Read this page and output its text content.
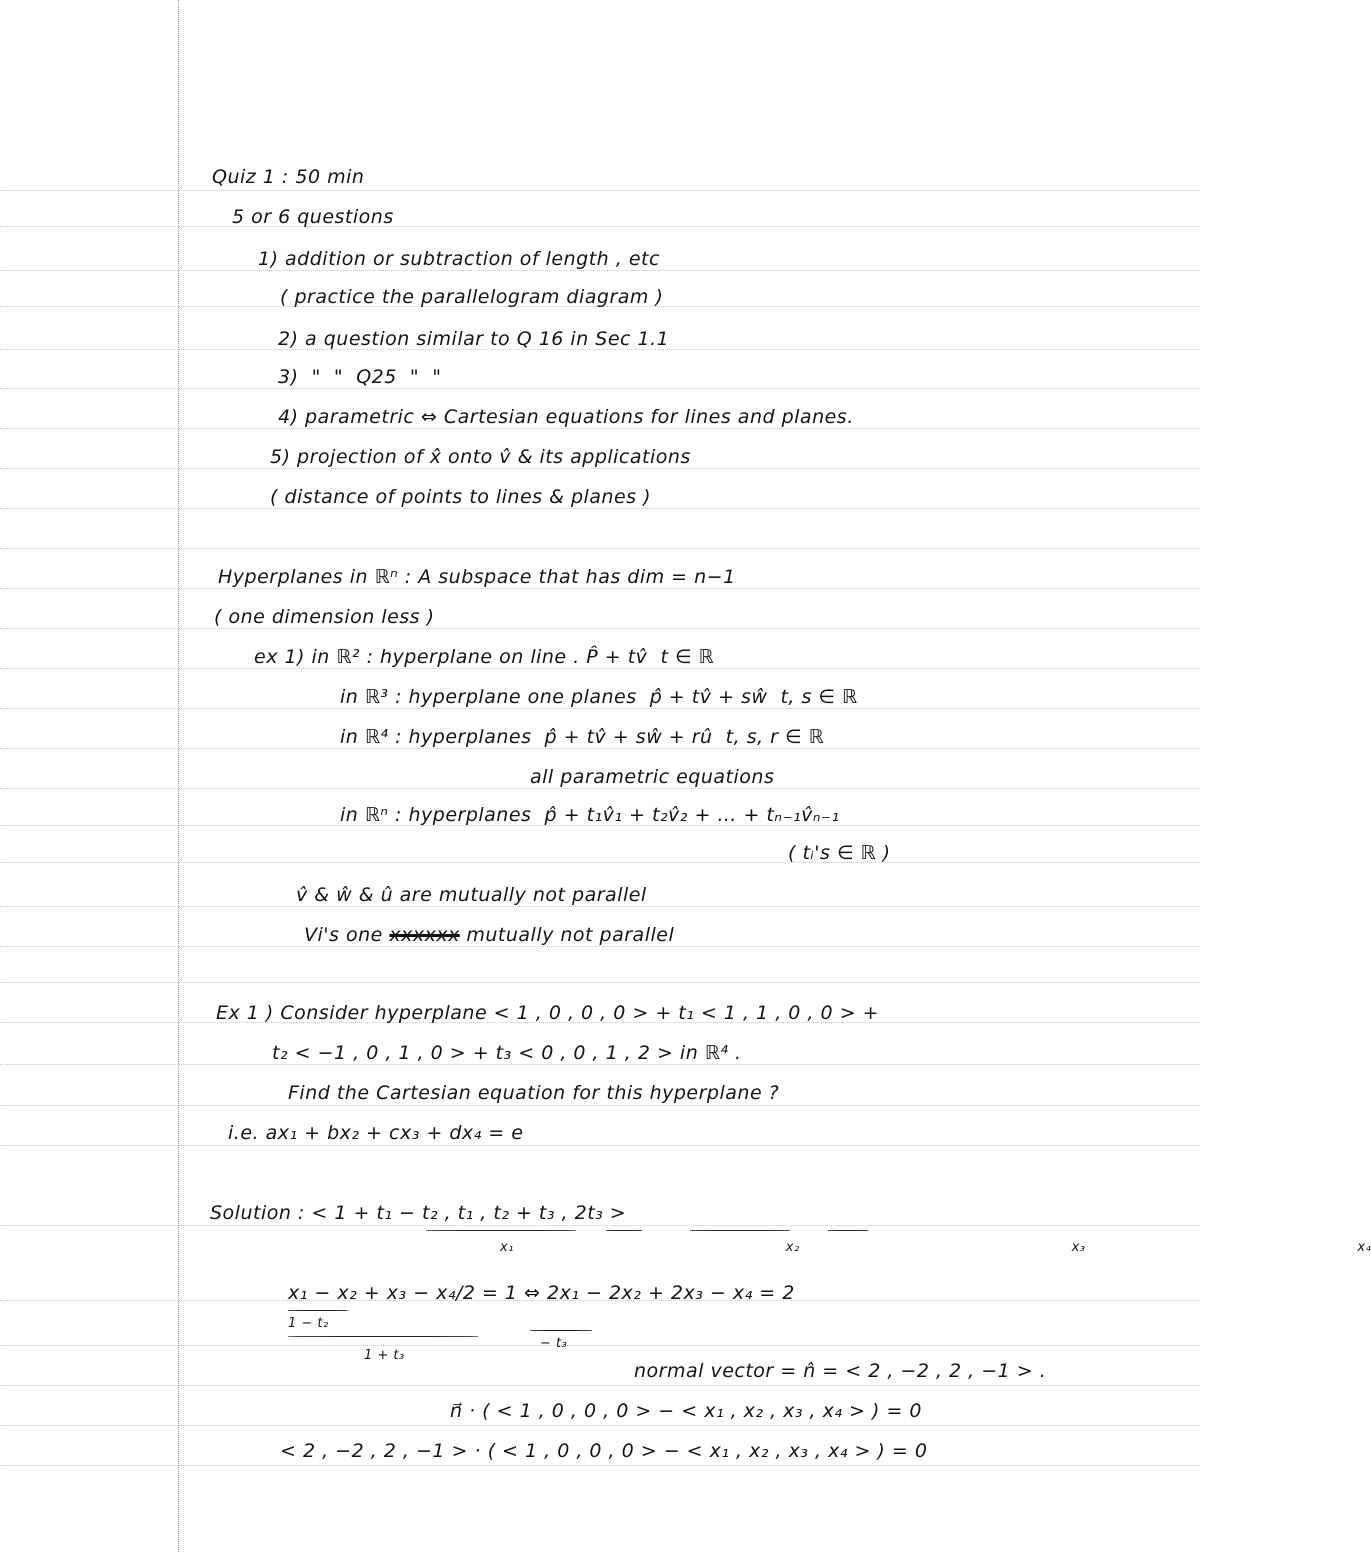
Quiz 1 : 50 min
5 or 6 questions
1) addition or subtraction of length , etc
( practice the parallelogram diagram )
2) a question similar to Q 16 in Sec 1.1
3)  "  "  Q25  "  "
4) parametric ⇔ Cartesian equations for lines and planes.
5) projection of x̂ onto v̂ & its applications
( distance of points to lines & planes )
Hyperplanes in ℝⁿ : A subspace that has dim = n−1
( one dimension less )
ex 1) in ℝ² : hyperplane on line . P̂ + tv̂  t ∈ ℝ
in ℝ³ : hyperplane one planes  p̂ + tv̂ + sŵ  t, s ∈ ℝ
in ℝ⁴ : hyperplanes  p̂ + tv̂ + sŵ + rû  t, s, r ∈ ℝ
all parametric equations
in ℝⁿ : hyperplanes  p̂ + t₁v̂₁ + t₂v̂₂ + … + tₙ₋₁v̂ₙ₋₁
( tᵢ's ∈ ℝ )
v̂ & ŵ & û are mutually not parallel
Vi's one xxxxxx mutually not parallel
Ex 1 ) Consider hyperplane < 1 , 0 , 0 , 0 > + t₁ < 1 , 1 , 0 , 0 > +
t₂ < −1 , 0 , 1 , 0 > + t₃ < 0 , 0 , 1 , 2 > in ℝ⁴ .
Find the Cartesian equation for this hyperplane ?
i.e. ax₁ + bx₂ + cx₃ + dx₄ = e
Solution : < 1 + t₁ − t₂ , t₁ , t₂ + t₃ , 2t₃ >
x₁   x₂   x₃   x₄
x₁ − x₂ + x₃ − x₄/2 = 1 ⇔ 2x₁ − 2x₂ + 2x₃ − x₄ = 2
1 − t₂
− t₃
1 + t₃
normal vector = n̂ = < 2 , −2 , 2 , −1 > .
n⃗ · ( < 1 , 0 , 0 , 0 > − < x₁ , x₂ , x₃ , x₄ > ) = 0
< 2 , −2 , 2 , −1 > · ( < 1 , 0 , 0 , 0 > − < x₁ , x₂ , x₃ , x₄ > ) = 0
